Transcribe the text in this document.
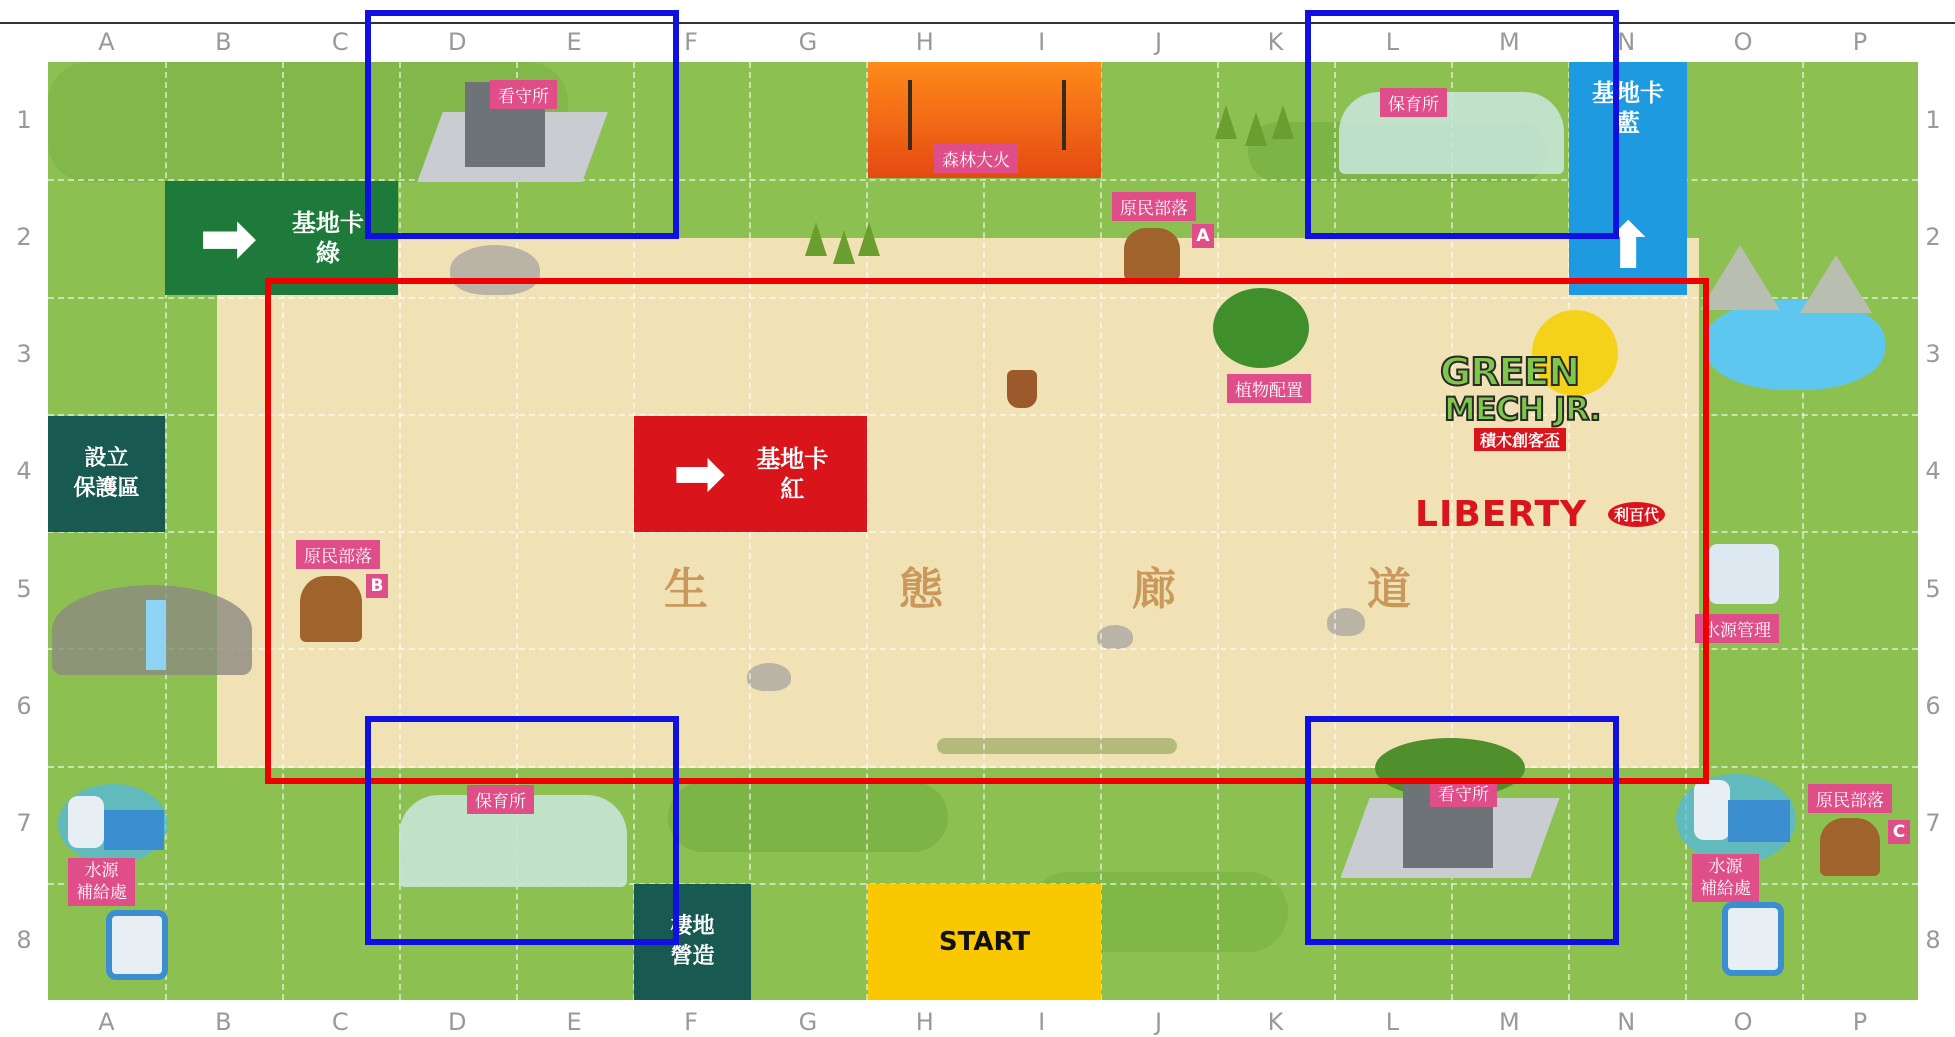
A	B	C	D	E	F	G	H	I	J	K	L	M	N	O	P
A	B	C	D	E	F	G	H	I	J	K	L	M	N	O	P
1
2
3
4
5
6
7
8
1
2
3
4
5
6
7
8
生	態	廊	道
➡ 基地卡
綠
基地卡
藍
⬆
➡ 基地卡
紅
設立
保護區
棲地
營造	START
森林大火
看守所	保育所
原民部落
A
植物配置	GREEN
MECH JR.
積木創客盃
LIBERTY	利百代
原民部落
B
水源管理
保育所	看守所
水源
補給處
水源
補給處
原民部落
C
